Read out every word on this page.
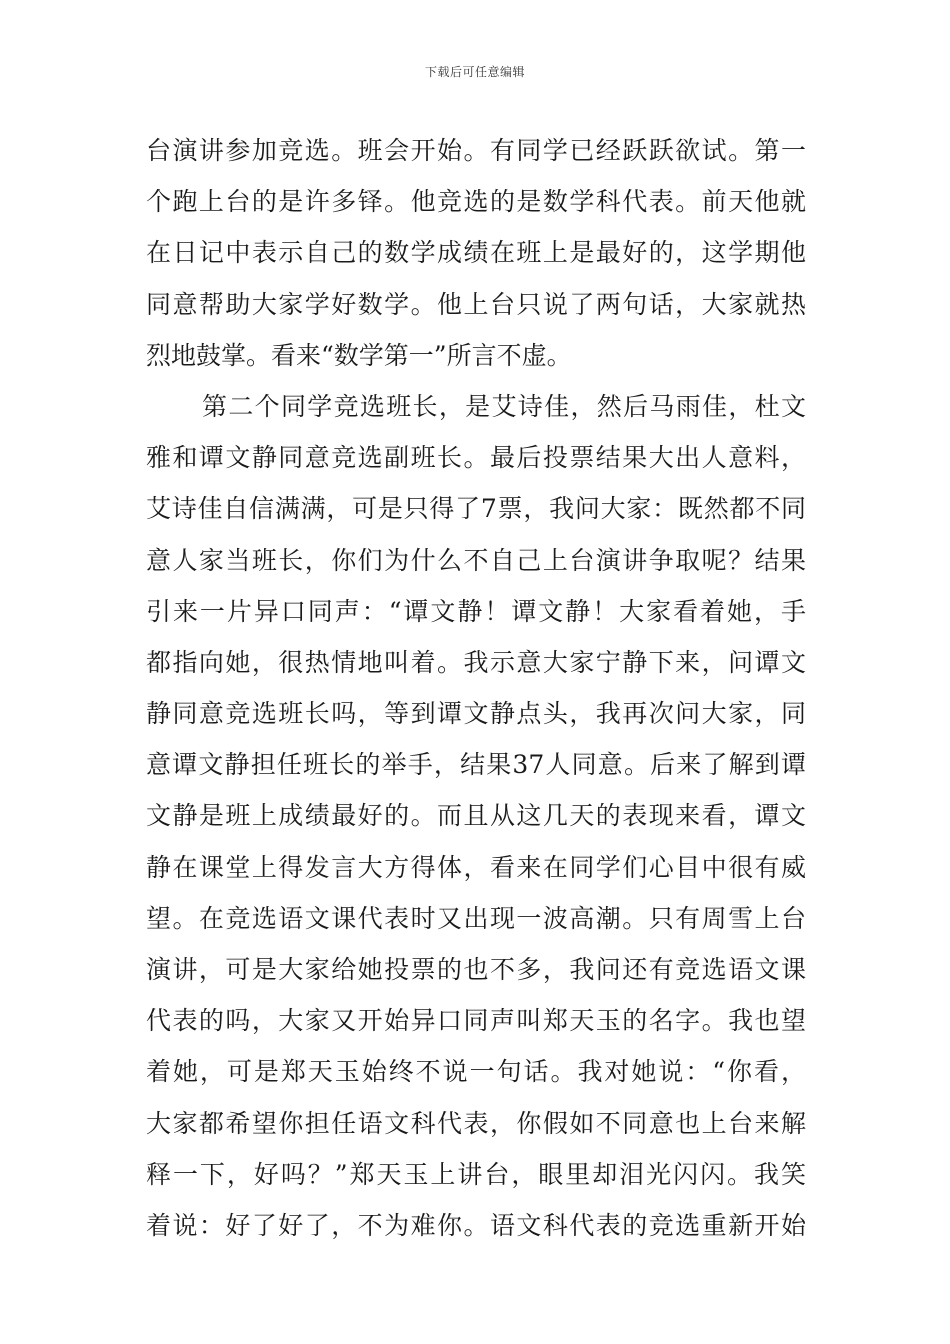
下载后可任意编辑
台演讲参加竞选。班会开始。有同学已经跃跃欲试。第一
个跑上台的是许多铎。他竞选的是数学科代表。前天他就
在日记中表示自己的数学成绩在班上是最好的，这学期他
同意帮助大家学好数学。他上台只说了两句话，大家就热
烈地鼓掌。看来“数学第一”所言不虚。
第二个同学竞选班长，是艾诗佳，然后马雨佳，杜文
雅和谭文静同意竞选副班长。最后投票结果大出人意料，
艾诗佳自信满满，可是只得了7票，我问大家：既然都不同
意人家当班长，你们为什么不自己上台演讲争取呢？结果
引来一片异口同声：“谭文静！谭文静！大家看着她，手
都指向她，很热情地叫着。我示意大家宁静下来，问谭文
静同意竞选班长吗，等到谭文静点头，我再次问大家，同
意谭文静担任班长的举手，结果37人同意。后来了解到谭
文静是班上成绩最好的。而且从这几天的表现来看，谭文
静在课堂上得发言大方得体，看来在同学们心目中很有威
望。在竞选语文课代表时又出现一波高潮。只有周雪上台
演讲，可是大家给她投票的也不多，我问还有竞选语文课
代表的吗，大家又开始异口同声叫郑天玉的名字。我也望
着她，可是郑天玉始终不说一句话。我对她说：“你看，
大家都希望你担任语文科代表，你假如不同意也上台来解
释一下，好吗？”郑天玉上讲台，眼里却泪光闪闪。我笑
着说：好了好了，不为难你。语文科代表的竞选重新开始
